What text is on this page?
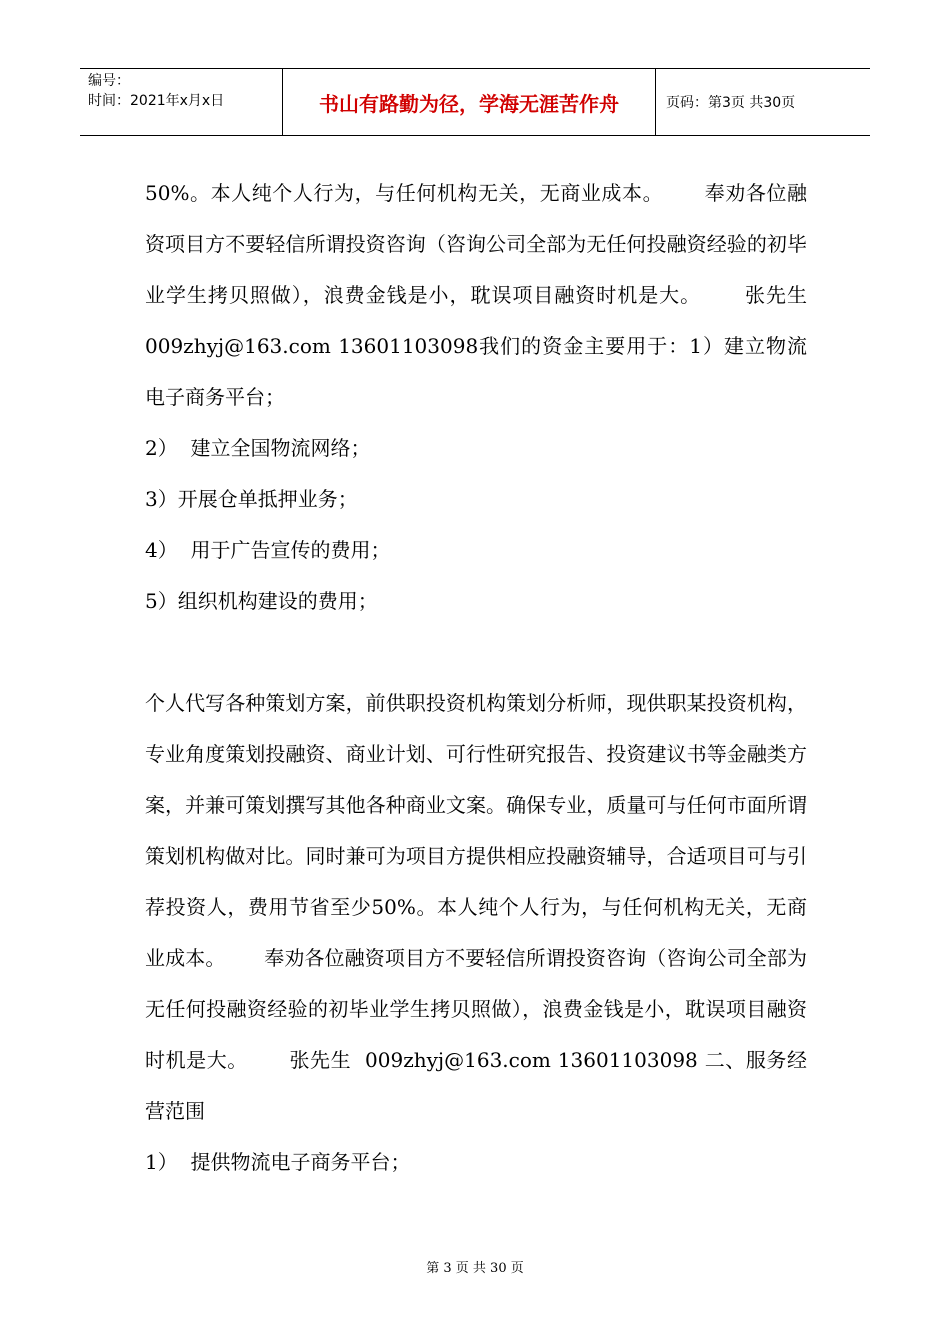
编号：
时间：2021年x月x日	书山有路勤为径，学海无涯苦作舟	页码：第3页 共30页

50%。本人纯个人行为，与任何机构无关，无商业成本。      奉劝各位融资项目方不要轻信所谓投资咨询（咨询公司全部为无任何投融资经验的初毕业学生拷贝照做），浪费金钱是小，耽误项目融资时机是大。      张先生  009zhyj@163.com 13601103098我们的资金主要用于：1）建立物流电子商务平台；

2）  建立全国物流网络；

3）开展仓单抵押业务；

4）  用于广告宣传的费用；

5）组织机构建设的费用；

个人代写各种策划方案，前供职投资机构策划分析师，现供职某投资机构，专业角度策划投融资、商业计划、可行性研究报告、投资建议书等金融类方案，并兼可策划撰写其他各种商业文案。确保专业，质量可与任何市面所谓策划机构做对比。同时兼可为项目方提供相应投融资辅导，合适项目可与引荐投资人，费用节省至少50%。本人纯个人行为，与任何机构无关，无商业成本。      奉劝各位融资项目方不要轻信所谓投资咨询（咨询公司全部为无任何投融资经验的初毕业学生拷贝照做），浪费金钱是小，耽误项目融资时机是大。      张先生  009zhyj@163.com 13601103098 二、服务经营范围

1）  提供物流电子商务平台；

第 3 页 共 30 页
